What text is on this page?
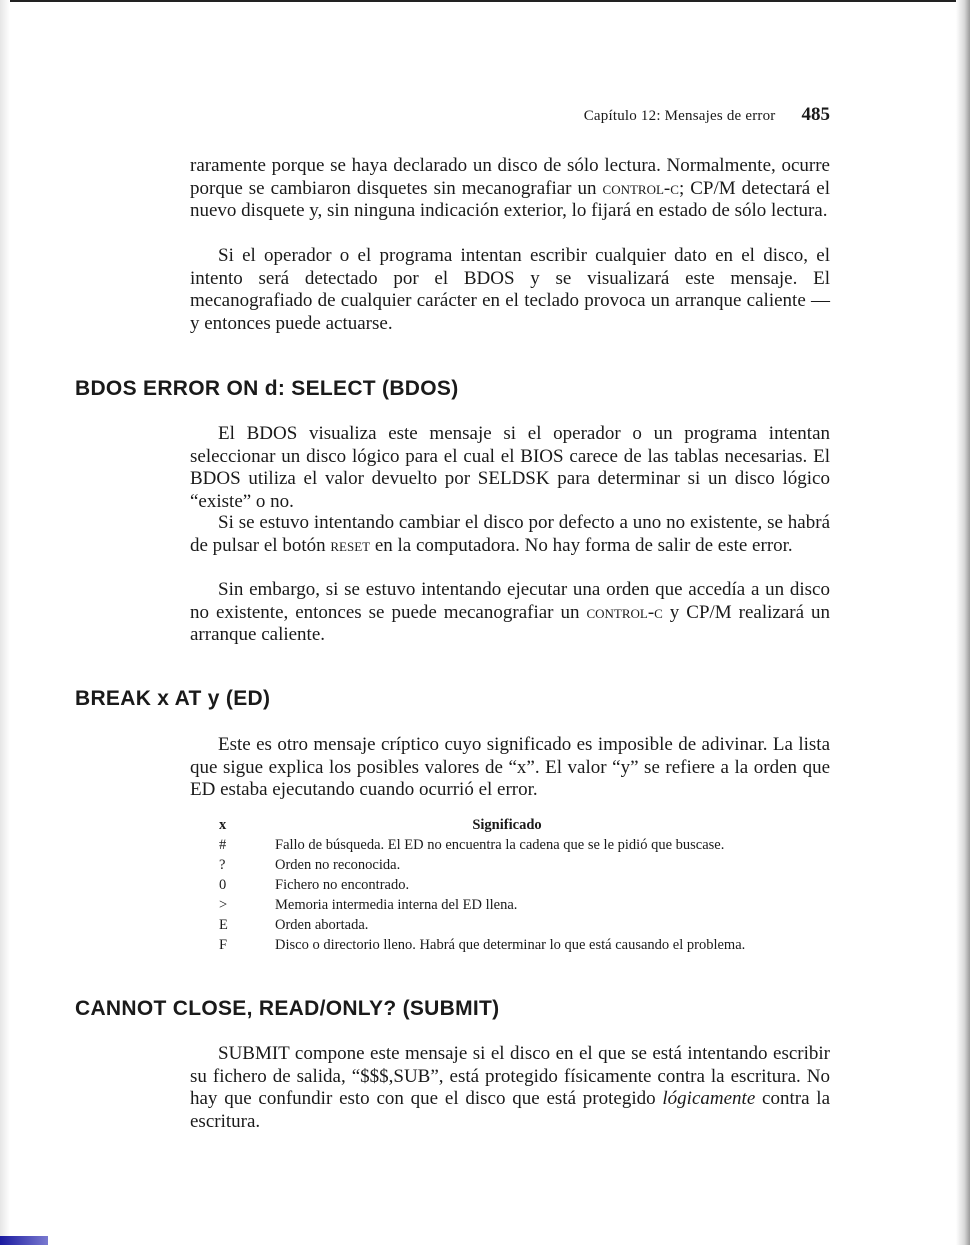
Capítulo 12: Mensajes de error 485
raramente porque se haya declarado un disco de sólo lectura. Normalmente, ocurre porque se cambiaron disquetes sin mecanografiar un control-c; CP/M detectará el nuevo disquete y, sin ninguna indicación exterior, lo fijará en estado de sólo lectura.
Si el operador o el programa intentan escribir cualquier dato en el disco, el intento será detectado por el BDOS y se visualizará este mensaje. El mecanografiado de cualquier carácter en el teclado provoca un arranque caliente —y entonces puede actuarse.
BDOS ERROR ON d: SELECT (BDOS)
El BDOS visualiza este mensaje si el operador o un programa intentan seleccionar un disco lógico para el cual el BIOS carece de las tablas necesarias. El BDOS utiliza el valor devuelto por SELDSK para determinar si un disco lógico “existe” o no.
Si se estuvo intentando cambiar el disco por defecto a uno no existente, se habrá de pulsar el botón reset en la computadora. No hay forma de salir de este error.
Sin embargo, si se estuvo intentando ejecutar una orden que accedía a un disco no existente, entonces se puede mecanografiar un control-c y CP/M realizará un arranque caliente.
BREAK x AT y (ED)
Este es otro mensaje críptico cuyo significado es imposible de adivinar. La lista que sigue explica los posibles valores de “x”. El valor “y” se refiere a la orden que ED estaba ejecutando cuando ocurrió el error.
x	Significado
#	Fallo de búsqueda. El ED no encuentra la cadena que se le pidió que buscase.
?	Orden no reconocida.
0	Fichero no encontrado.
>	Memoria intermedia interna del ED llena.
E	Orden abortada.
F	Disco o directorio lleno. Habrá que determinar lo que está causando el problema.
CANNOT CLOSE, READ/ONLY? (SUBMIT)
SUBMIT compone este mensaje si el disco en el que se está intentando escribir su fichero de salida, “$$$,SUB”, está protegido físicamente contra la escritura. No hay que confundir esto con que el disco que está protegido lógicamente contra la escritura.
